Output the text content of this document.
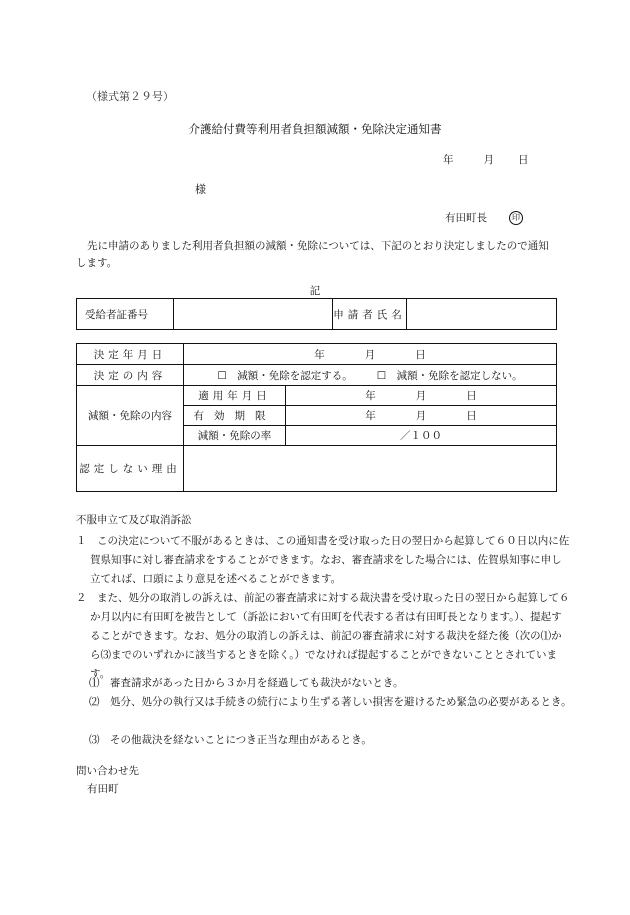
（様式第２９号）
介護給付費等利用者負担額減額・免除決定通知書
年	月 日
様
有田町長	印
先に申請のありました利用者負担額の減額・免除については、下記のとおり決定しましたので通知します。
記
受給者証番号		申請者氏名	
決定年月日	年 月 日	
決定の内容	☐　減額・免除を認定する。 ☐　減額・免除を認定しない。	
減額・免除の内容	適用年月日	年 月 日
	有効期限	年 月 日
	減額・免除の率	／１００
認定しない理由		
不服申立て及び取消訴訟
１　 この決定について不服があるときは、この通知書を受け取った日の翌日から起算して６０日以内に佐賀県知事に対し審査請求をすることができます。なお、審査請求をした場合には、佐賀県知事に申し立てれば、口頭により意見を述べることができます。
２　 また、処分の取消しの訴えは、前記の審査請求に対する裁決書を受け取った日の翌日から起算して６か月以内に有田町を被告として（訴訟において有田町を代表する者は有田町長となります。）、提起することができます。なお、処分の取消しの訴えは、前記の審査請求に対する裁決を経た後（次の⑴から⑶までのいずれかに該当するときを除く。）でなければ提起することができないこととされています。
⑴　審査請求があった日から３か月を経過しても裁決がないとき。
⑵　処分、処分の執行又は手続きの続行により生ずる著しい損害を避けるため緊急の必要があるとき。
⑶　その他裁決を経ないことにつき正当な理由があるとき。
問い合わせ先
有田町
